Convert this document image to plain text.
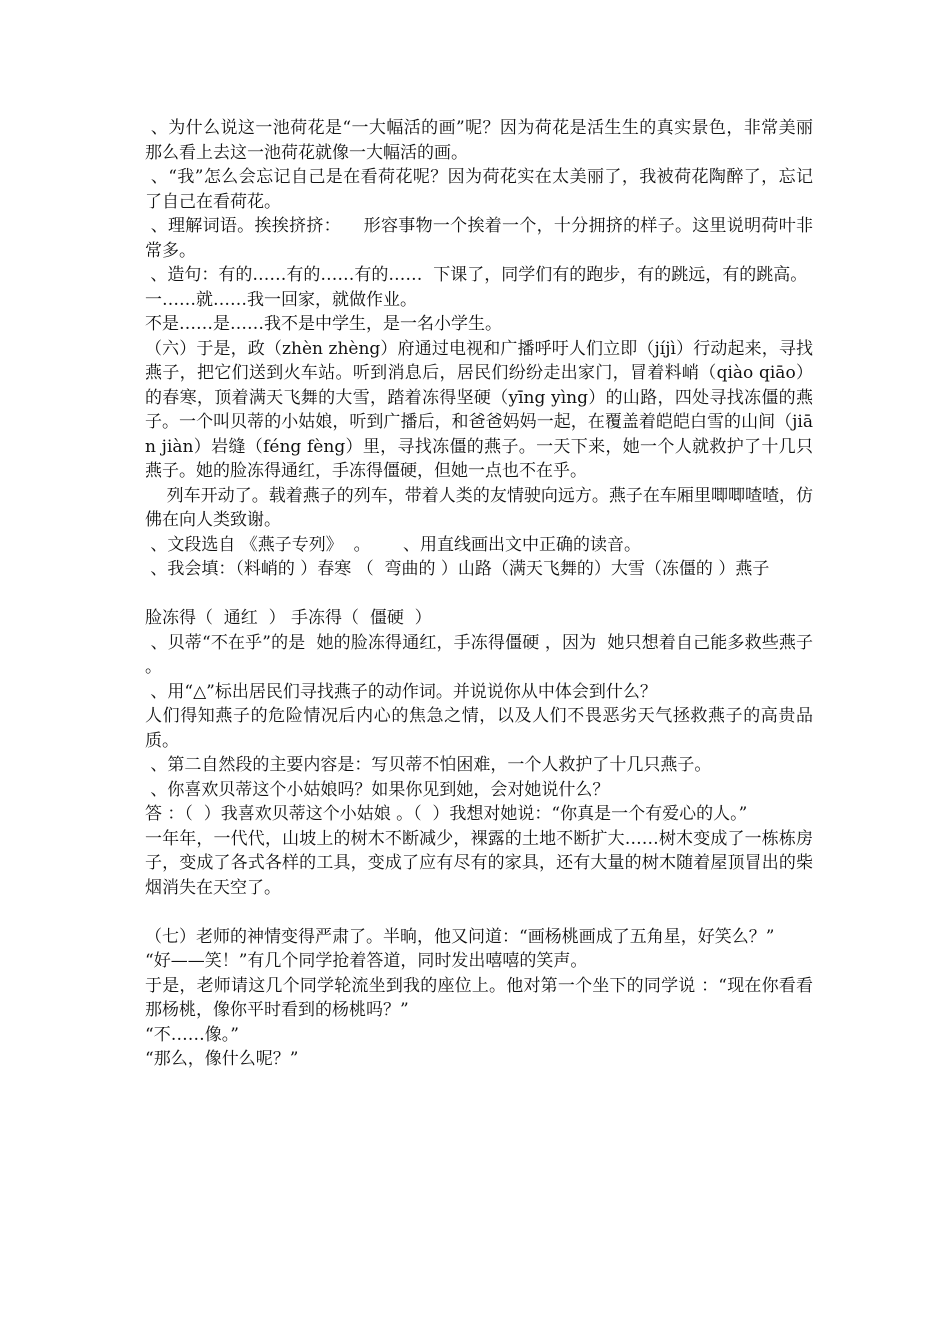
、为什么说这一池荷花是“一大幅活的画”呢？因为荷花是活生生的真实景色，非常美丽  那么看上去这一池荷花就像一大幅活的画。

、“我”怎么会忘记自己是在看荷花呢？因为荷花实在太美丽了，我被荷花陶醉了，忘记了自己在看荷花。

、理解词语。挨挨挤挤：    形容事物一个挨着一个，十分拥挤的样子。这里说明荷叶非常多。

、造句：有的……有的……有的……  下课了，同学们有的跑步，有的跳远，有的跳高。

一……就……我一回家，就做作业。

不是……是……我不是中学生，是一名小学生。

（六）于是，政（zhèn zhèng）府通过电视和广播呼吁人们立即（jíjì）行动起来，寻找燕子，把它们送到火车站。听到消息后，居民们纷纷走出家门，冒着料峭（qiào qiāo）的春寒，顶着满天飞舞的大雪，踏着冻得坚硬（yīng yìng）的山路，四处寻找冻僵的燕子。一个叫贝蒂的小姑娘，听到广播后，和爸爸妈妈一起，在覆盖着皑皑白雪的山间（jiān jiàn）岩缝（féng fèng）里，寻找冻僵的燕子。一天下来，她一个人就救护了十几只燕子。她的脸冻得通红，手冻得僵硬，但她一点也不在乎。

列车开动了。载着燕子的列车，带着人类的友情驶向远方。燕子在车厢里唧唧喳喳，仿佛在向人类致谢。

、文段选自 《燕子专列》  。      、用直线画出文中正确的读音。

、我会填：（料峭的 ）春寒 （  弯曲的 ）山路（满天飞舞的）大雪（冻僵的 ）燕子

脸冻得（  通红  ） 手冻得（  僵硬  ）

、贝蒂“不在乎”的是  她的脸冻得通红，手冻得僵硬 ，因为  她只想着自己能多救些燕子   。

、用“△”标出居民们寻找燕子的动作词。并说说你从中体会到什么？

人们得知燕子的危险情况后内心的焦急之情，以及人们不畏恶劣天气拯救燕子的高贵品质。

、第二自然段的主要内容是：写贝蒂不怕困难，一个人救护了十几只燕子。

、你喜欢贝蒂这个小姑娘吗？如果你见到她，会对她说什么？

答 ：（  ）我喜欢贝蒂这个小姑娘 。（  ）我想对她说：“你真是一个有爱心的人。”

一年年，一代代，山坡上的树木不断减少，裸露的土地不断扩大……树木变成了一栋栋房子，变成了各式各样的工具，变成了应有尽有的家具，还有大量的树木随着屋顶冒出的柴烟消失在天空了。

（七）老师的神情变得严肃了。半晌，他又问道：“画杨桃画成了五角星，好笑么？”

“好——笑！”有几个同学抢着答道，同时发出嘻嘻的笑声。

于是，老师请这几个同学轮流坐到我的座位上。他对第一个坐下的同学说 ：“现在你看看那杨桃，像你平时看到的杨桃吗？”

“不……像。”

“那么，像什么呢？”
